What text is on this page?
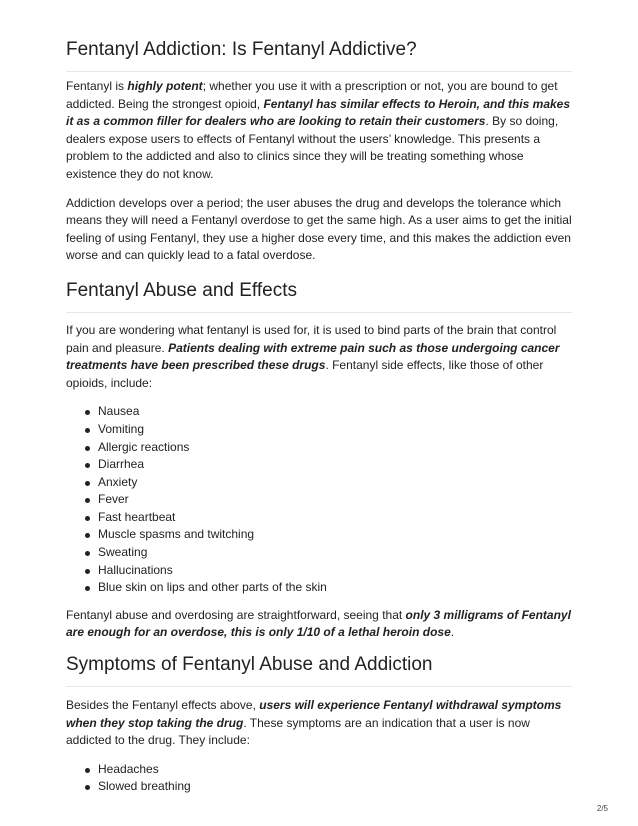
Fentanyl Addiction: Is Fentanyl Addictive?

Fentanyl is highly potent; whether you use it with a prescription or not, you are bound to get addicted. Being the strongest opioid, Fentanyl has similar effects to Heroin, and this makes it as a common filler for dealers who are looking to retain their customers. By so doing, dealers expose users to effects of Fentanyl without the users’ knowledge. This presents a problem to the addicted and also to clinics since they will be treating something whose existence they do not know.

Addiction develops over a period; the user abuses the drug and develops the tolerance which means they will need a Fentanyl overdose to get the same high. As a user aims to get the initial feeling of using Fentanyl, they use a higher dose every time, and this makes the addiction even worse and can quickly lead to a fatal overdose.

Fentanyl Abuse and Effects

If you are wondering what fentanyl is used for, it is used to bind parts of the brain that control pain and pleasure. Patients dealing with extreme pain such as those undergoing cancer treatments have been prescribed these drugs. Fentanyl side effects, like those of other opioids, include:

Nausea
Vomiting
Allergic reactions
Diarrhea
Anxiety
Fever
Fast heartbeat
Muscle spasms and twitching
Sweating
Hallucinations
Blue skin on lips and other parts of the skin

Fentanyl abuse and overdosing are straightforward, seeing that only 3 milligrams of Fentanyl are enough for an overdose, this is only 1/10 of a lethal heroin dose.

Symptoms of Fentanyl Abuse and Addiction

Besides the Fentanyl effects above, users will experience Fentanyl withdrawal symptoms when they stop taking the drug. These symptoms are an indication that a user is now addicted to the drug. They include:

Headaches
Slowed breathing
2/5
